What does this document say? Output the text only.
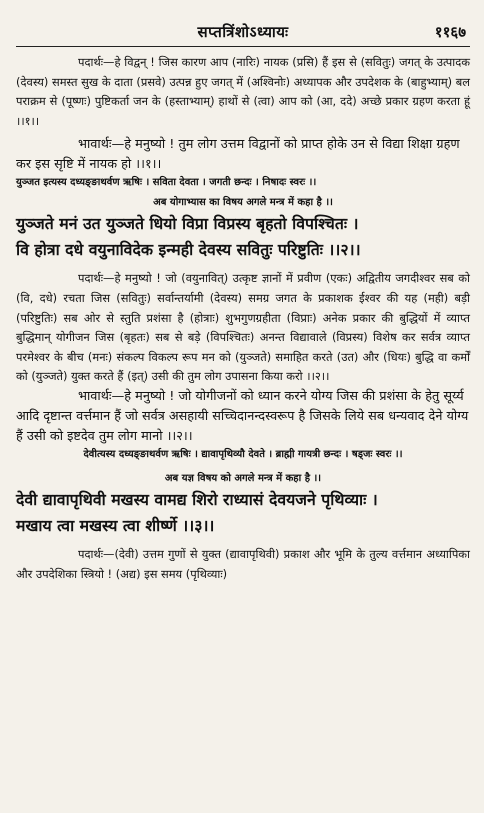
सप्तत्रिंशोऽध्यायः	११६७

पदार्थः—हे विद्वन् ! जिस कारण आप (नारिः) नायक (प्रसि) हैं इस से (सवितुः) जगत् के उत्पादक (देवस्य) समस्त सुख के दाता (प्रसवे) उत्पन्न हुए जगत् में (अश्विनोः) अध्यापक और उपदेशक के (बाहुभ्याम्) बल पराक्रम से (पूष्णः) पुष्टिकर्ता जन के (हस्ताभ्याम्) हाथों से (त्वा) आप को (आ, ददे) अच्छे प्रकार ग्रहण करता हूं ।।१।।

भावार्थः—हे मनुष्यो ! तुम लोग उत्तम विद्वानों को प्राप्त होके उन से विद्या शिक्षा ग्रहण कर इस सृष्टि में नायक हो ।।१।।

युञ्जत इत्यस्य दध्यङ्ङाथर्वण ऋषिः । सविता देवता । जगती छन्दः । निषादः स्वरः ।।

अब योगाभ्यास का विषय अगले मन्त्र में कहा है ।।

युञ्जते मनं उत युञ्जते धियो विप्रा विप्रस्य बृहतो विपश्चितः ।

वि होत्रा दधे वयुनाविदेक इन्मही देवस्य सवितुः परिष्टुतिः ।।२।।

पदार्थः—हे मनुष्यो ! जो (वयुनावित्) उत्कृष्ट ज्ञानों में प्रवीण (एकः) अद्वितीय जगदीश्वर सब को (वि, दधे) रचता जिस (सवितुः) सर्वान्तर्यामी (देवस्य) समग्र जगत के प्रकाशक ईश्वर की यह (मही) बड़ी (परिष्टुतिः) सब ओर से स्तुति प्रशंसा है (होत्राः) शुभगुणग्रहीता (विप्राः) अनेक प्रकार की बुद्धियों में व्याप्त बुद्धिमान् योगीजन जिस (बृहतः) सब से बड़े (विपश्चितः) अनन्त विद्यावाले (विप्रस्य) विशेष कर सर्वत्र व्याप्त परमेश्वर के बीच (मनः) संकल्प विकल्प रूप मन को (युञ्जते) समाहित करते (उत) और (धियः) बुद्धि वा कर्मों को (युञ्जते) युक्त करते हैं (इत्) उसी की तुम लोग उपासना किया करो ।।२।।

भावार्थः—हे मनुष्यो ! जो योगीजनों को ध्यान करने योग्य जिस की प्रशंसा के हेतु सूर्य्य आदि दृष्टान्त वर्त्तमान हैं जो सर्वत्र असहायी सच्चिदानन्दस्वरूप है जिसके लिये सब धन्यवाद देने योग्य हैं उसी को इष्टदेव तुम लोग मानो ।।२।।

देवीत्यस्य दध्यङ्ङाथर्वण ऋषिः । द्यावापृथिव्यौ देवते । ब्राह्मी गायत्री छन्दः । षड्जः स्वरः ।।

अब यज्ञ विषय को अगले मन्त्र में कहा है ।।

देवी द्यावापृथिवी मखस्य वामद्य शिरो राध्यासं देवयजने पृथिव्याः ।

मखाय त्वा मखस्य त्वा शीर्ष्णे ।।३।।

पदार्थः—(देवी) उत्तम गुणों से युक्त (द्यावापृथिवी) प्रकाश और भूमि के तुल्य वर्त्तमान अध्यापिका और उपदेशिका स्त्रियो ! (अद्य) इस समय (पृथिव्याः)
